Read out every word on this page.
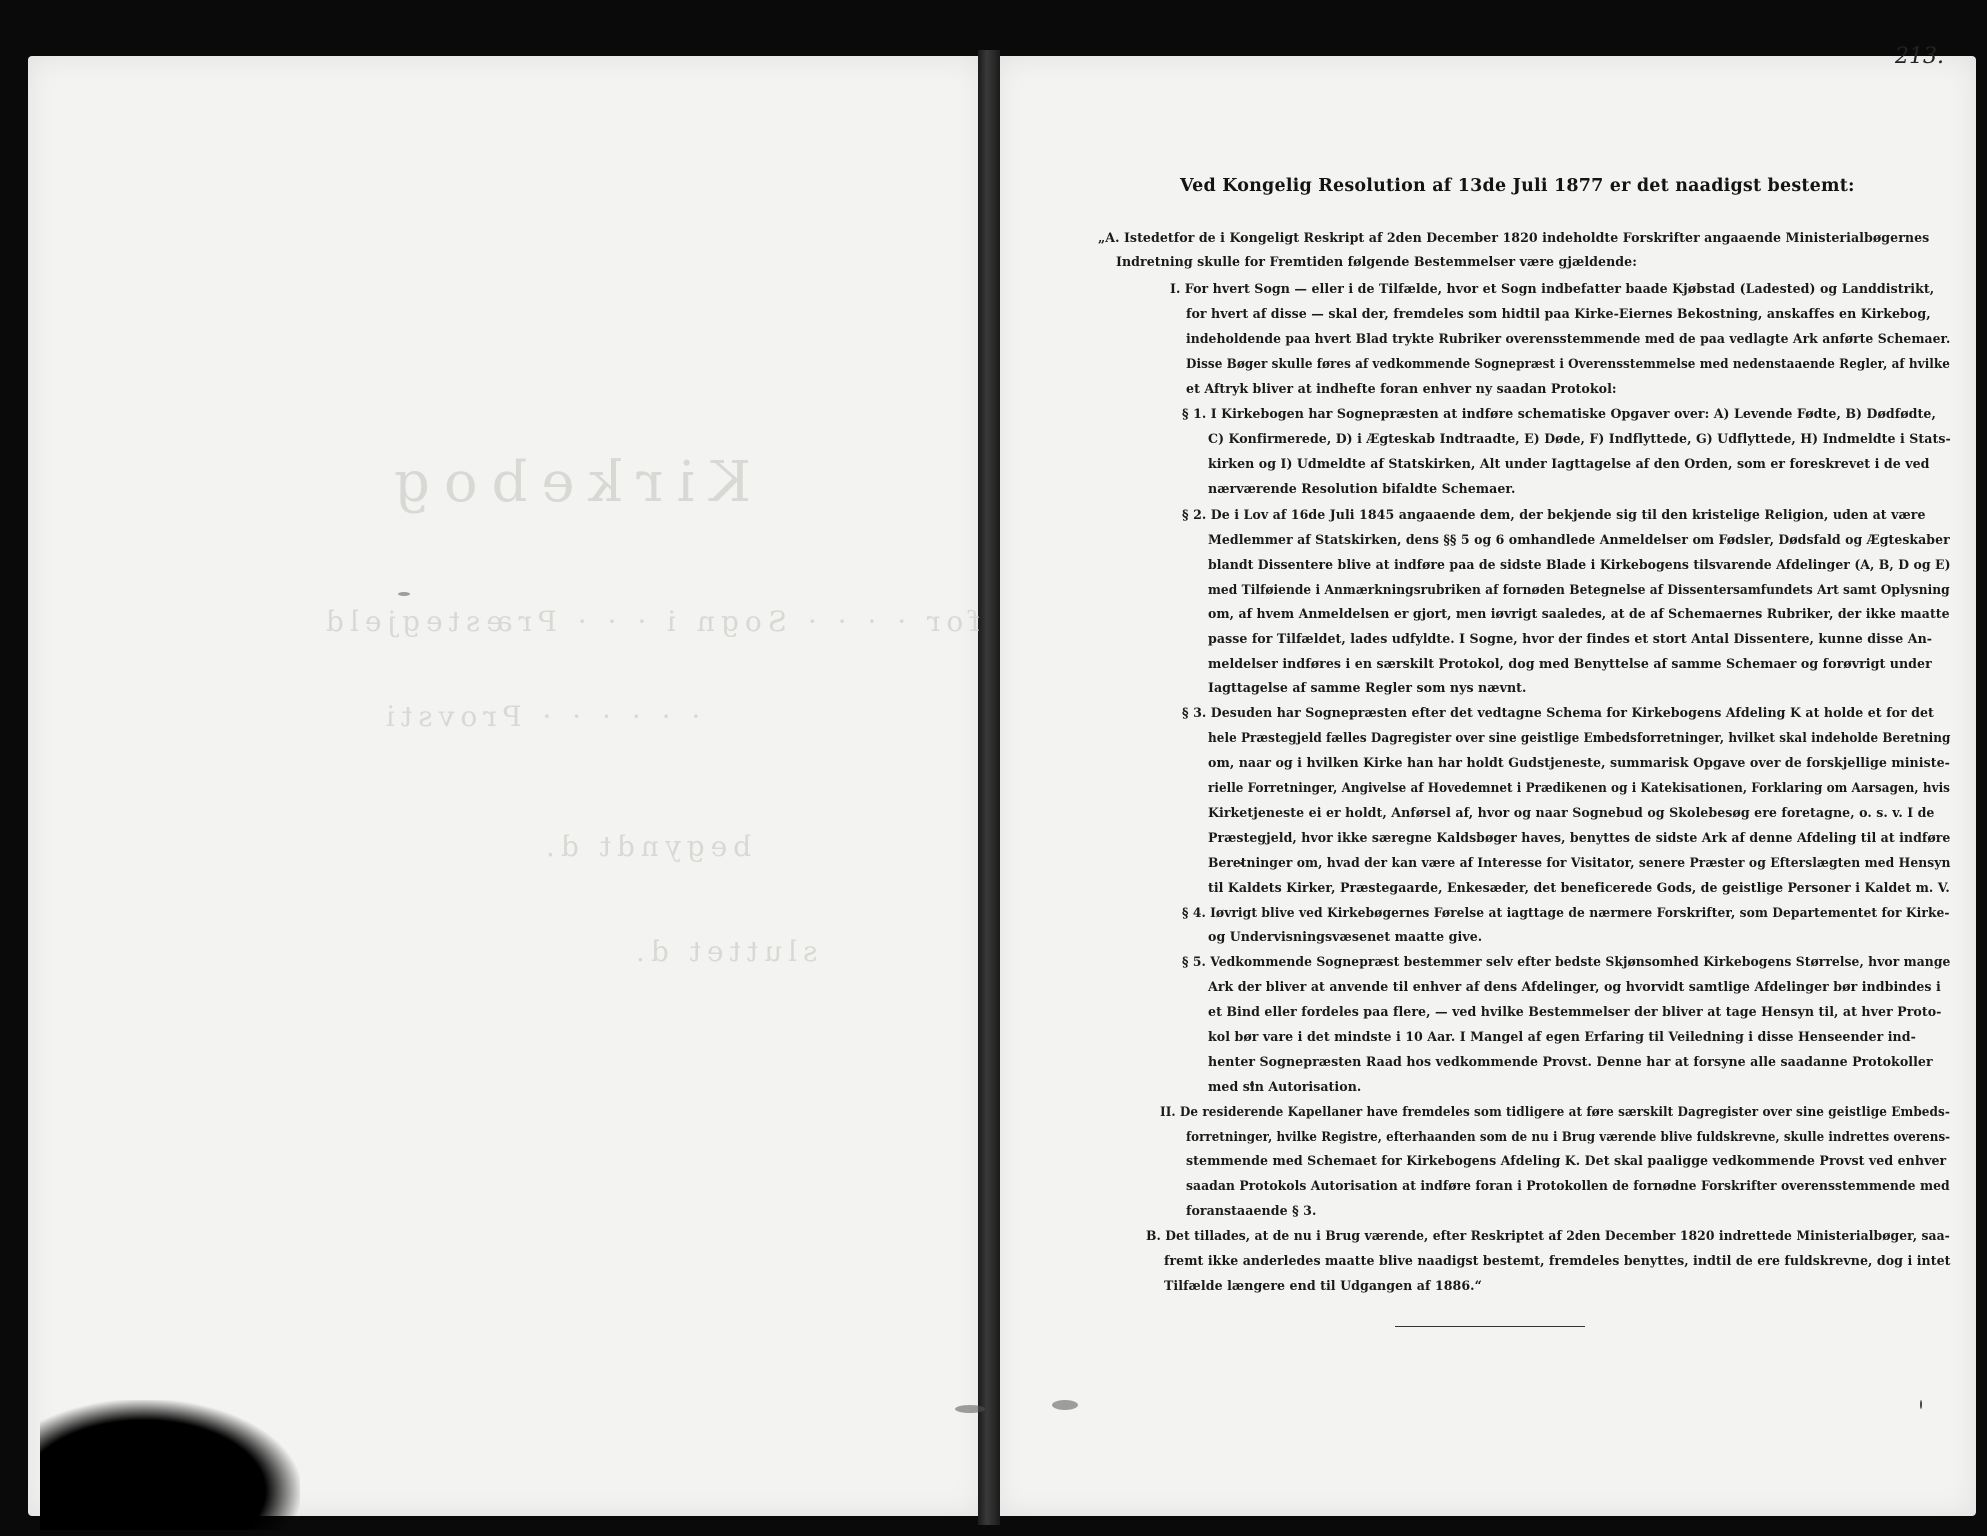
Kirkebog
for · · · · Sogn i · · · Præstegjeld
· · · · · · Provsti
begyndt d.
sluttet d.
213.
Ved Kongelig Resolution af 13de Juli 1877 er det naadigst bestemt:
„A. Istedetfor de i Kongeligt Reskript af 2den December 1820 indeholdte Forskrifter angaaende Ministerialbøgernes
Indretning skulle for Fremtiden følgende Bestemmelser være gjældende:
I. For hvert Sogn — eller i de Tilfælde, hvor et Sogn indbefatter baade Kjøbstad (Ladested) og Landdistrikt,
for hvert af disse — skal der, fremdeles som hidtil paa Kirke-Eiernes Bekostning, anskaffes en Kirkebog,
indeholdende paa hvert Blad trykte Rubriker overensstemmende med de paa vedlagte Ark anførte Schemaer.
Disse Bøger skulle føres af vedkommende Sognepræst i Overensstemmelse med nedenstaaende Regler, af hvilke
et Aftryk bliver at indhefte foran enhver ny saadan Protokol:
§ 1. I Kirkebogen har Sognepræsten at indføre schematiske Opgaver over: A) Levende Fødte, B) Dødfødte,
C) Konfirmerede, D) i Ægteskab Indtraadte, E) Døde, F) Indflyttede, G) Udflyttede, H) Indmeldte i Stats-
kirken og I) Udmeldte af Statskirken, Alt under Iagttagelse af den Orden, som er foreskrevet i de ved
nærværende Resolution bifaldte Schemaer.
§ 2. De i Lov af 16de Juli 1845 angaaende dem, der bekjende sig til den kristelige Religion, uden at være
Medlemmer af Statskirken, dens §§ 5 og 6 omhandlede Anmeldelser om Fødsler, Dødsfald og Ægteskaber
blandt Dissentere blive at indføre paa de sidste Blade i Kirkebogens tilsvarende Afdelinger (A, B, D og E)
med Tilføiende i Anmærkningsrubriken af fornøden Betegnelse af Dissentersamfundets Art samt Oplysning
om, af hvem Anmeldelsen er gjort, men iøvrigt saaledes, at de af Schemaernes Rubriker, der ikke maatte
passe for Tilfældet, lades udfyldte. I Sogne, hvor der findes et stort Antal Dissentere, kunne disse An-
meldelser indføres i en særskilt Protokol, dog med Benyttelse af samme Schemaer og forøvrigt under
Iagttagelse af samme Regler som nys nævnt.
§ 3. Desuden har Sognepræsten efter det vedtagne Schema for Kirkebogens Afdeling K at holde et for det
hele Præstegjeld fælles Dagregister over sine geistlige Embedsforretninger, hvilket skal indeholde Beretning
om, naar og i hvilken Kirke han har holdt Gudstjeneste, summarisk Opgave over de forskjellige ministe-
rielle Forretninger, Angivelse af Hovedemnet i Prædikenen og i Katekisationen, Forklaring om Aarsagen, hvis
Kirketjeneste ei er holdt, Anførsel af, hvor og naar Sognebud og Skolebesøg ere foretagne, o. s. v. I de
Præstegjeld, hvor ikke særegne Kaldsbøger haves, benyttes de sidste Ark af denne Afdeling til at indføre
Beretninger om, hvad der kan være af Interesse for Visitator, senere Præster og Efterslægten med Hensyn
til Kaldets Kirker, Præstegaarde, Enkesæder, det beneficerede Gods, de geistlige Personer i Kaldet m. V.
§ 4. Iøvrigt blive ved Kirkebøgernes Førelse at iagttage de nærmere Forskrifter, som Departementet for Kirke-
og Undervisningsvæsenet maatte give.
§ 5. Vedkommende Sognepræst bestemmer selv efter bedste Skjønsomhed Kirkebogens Størrelse, hvor mange
Ark der bliver at anvende til enhver af dens Afdelinger, og hvorvidt samtlige Afdelinger bør indbindes i
et Bind eller fordeles paa flere, — ved hvilke Bestemmelser der bliver at tage Hensyn til, at hver Proto-
kol bør vare i det mindste i 10 Aar. I Mangel af egen Erfaring til Veiledning i disse Henseender ind-
henter Sognepræsten Raad hos vedkommende Provst. Denne har at forsyne alle saadanne Protokoller
med sin Autorisation.
II. De residerende Kapellaner have fremdeles som tidligere at føre særskilt Dagregister over sine geistlige Embeds-
forretninger, hvilke Registre, efterhaanden som de nu i Brug værende blive fuldskrevne, skulle indrettes overens-
stemmende med Schemaet for Kirkebogens Afdeling K. Det skal paaligge vedkommende Provst ved enhver
saadan Protokols Autorisation at indføre foran i Protokollen de fornødne Forskrifter overensstemmende med
foranstaaende § 3.
B. Det tillades, at de nu i Brug værende, efter Reskriptet af 2den December 1820 indrettede Ministerialbøger, saa-
fremt ikke anderledes maatte blive naadigst bestemt, fremdeles benyttes, indtil de ere fuldskrevne, dog i intet
Tilfælde længere end til Udgangen af 1886.“
